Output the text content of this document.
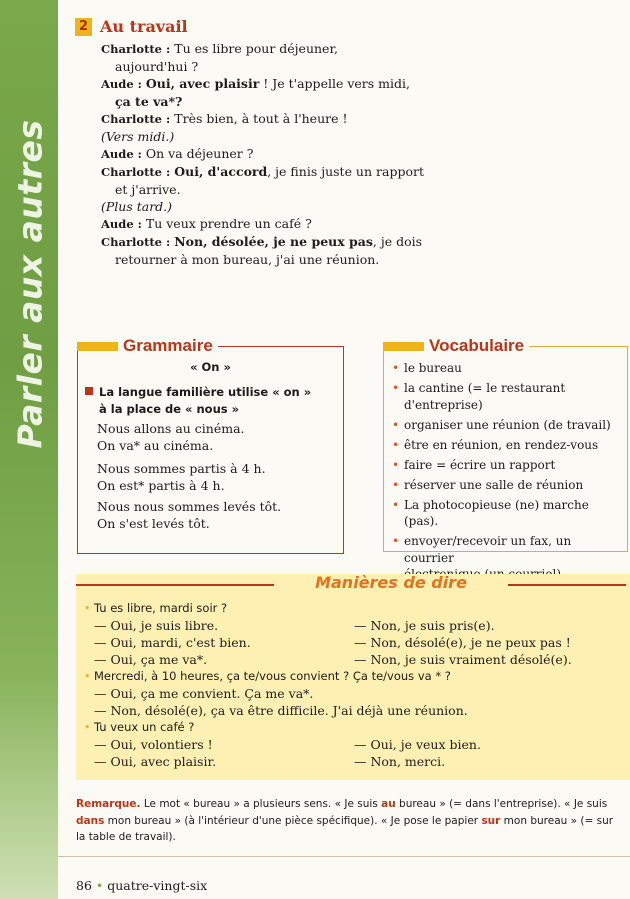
Parler aux autres
2 Au travail
Charlotte : Tu es libre pour déjeuner,
aujourd'hui ?
Aude : Oui, avec plaisir ! Je t'appelle vers midi,
ça te va*?
Charlotte : Très bien, à tout à l'heure !
(Vers midi.)
Aude : On va déjeuner ?
Charlotte : Oui, d'accord, je finis juste un rapport
et j'arrive.
(Plus tard.)
Aude : Tu veux prendre un café ?
Charlotte : Non, désolée, je ne peux pas, je dois
retourner à mon bureau, j'ai une réunion.
Grammaire
« On »
La langue familière utilise « on »
à la place de « nous »
Nous allons au cinéma.
On va* au cinéma.
Nous sommes partis à 4 h.
On est* partis à 4 h.
Nous nous sommes levés tôt.
On s'est levés tôt.
Vocabulaire
• le bureau
• la cantine (= le restaurant
d'entreprise)
• organiser une réunion (de travail)
• être en réunion, en rendez-vous
• faire = écrire un rapport
• réserver une salle de réunion
• La photocopieuse (ne) marche (pas).
• envoyer/recevoir un fax, un courrier
Manières de dire
• Tu es libre, mardi soir ?
— Oui, je suis libre.	— Non, je suis pris(e).
— Oui, mardi, c'est bien.	— Non, désolé(e), je ne peux pas !
— Oui, ça me va*.	— Non, je suis vraiment désolé(e).
• Mercredi, à 10 heures, ça te/vous convient ? Ça te/vous va * ?
— Oui, ça me convient. Ça me va*.
— Non, désolé(e), ça va être difficile. J'ai déjà une réunion.
• Tu veux un café ?
— Oui, volontiers !	— Oui, je veux bien.
— Oui, avec plaisir.	— Non, merci.
Remarque. Le mot « bureau » a plusieurs sens. « Je suis au bureau » (= dans l'entreprise). « Je suis dans mon bureau » (à l'intérieur d'une pièce spécifique). « Je pose le papier sur mon bureau » (= sur la table de travail).
86 • quatre-vingt-six
